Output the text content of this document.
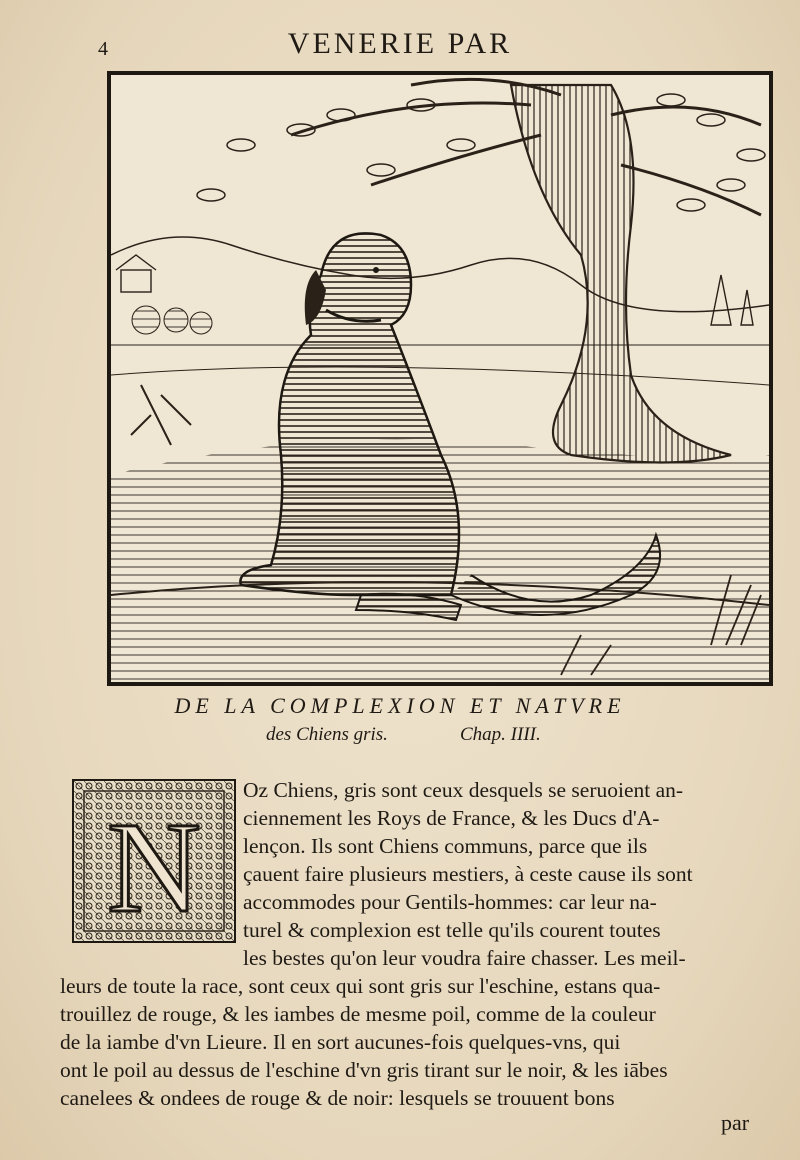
4	VENERIE PAR
DE LA COMPLEXION ET NATVRE
des Chiens gris.	Chap. IIII.
N
Oz Chiens, gris sont ceux desquels se seruoient an-
ciennement les Roys de France, & les Ducs d'A-
lençon. Ils sont Chiens communs, parce que ils
çauent faire plusieurs mestiers, à ceste cause ils sont
accommodes pour Gentils-hommes: car leur na-
turel & complexion est telle qu'ils courent toutes
les bestes qu'on leur voudra faire chasser. Les meil-
leurs de toute la race, sont ceux qui sont gris sur l'eschine, estans qua-
trouillez de rouge, & les iambes de mesme poil, comme de la couleur
de la iambe d'vn Lieure. Il en sort aucunes-fois quelques-vns, qui
ont le poil au dessus de l'eschine d'vn gris tirant sur le noir, & les iābes
canelees & ondees de rouge & de noir: lesquels se trouuent bons
par
